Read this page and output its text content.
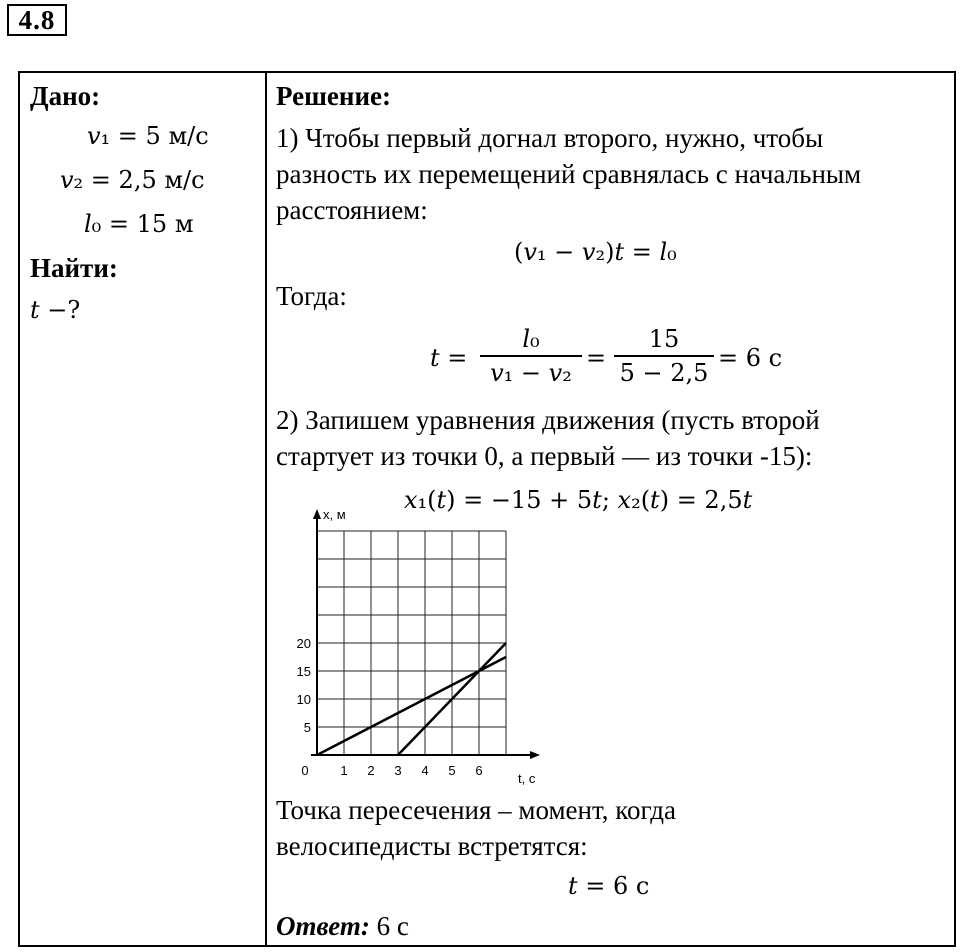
4.8
Дано:
𝑣₁ = 5 м/с
𝑣₂ = 2,5 м/с
𝑙₀ = 15 м
Найти:
𝑡 −?
Решение:
1) Чтобы первый догнал второго, нужно, чтобы
разность их перемещений сравнялась с начальным
расстоянием:
(𝑣₁ − 𝑣₂)𝑡 = 𝑙₀
Тогда:
𝑡 =
𝑙₀
𝑣₁ − 𝑣₂
=
15
5 − 2,5
= 6 с
2) Запишем уравнения движения (пусть второй
стартует из точки 0, а первый — из точки -15):
𝑥₁(𝑡) = −15 + 5𝑡; 𝑥₂(𝑡) = 2,5𝑡
x, м
t, с
0 1 2 3 4 5 6
5
10
15
20
Точка пересечения – момент, когда
велосипедисты встретятся:
𝑡 = 6 с
Ответ: 6 с
